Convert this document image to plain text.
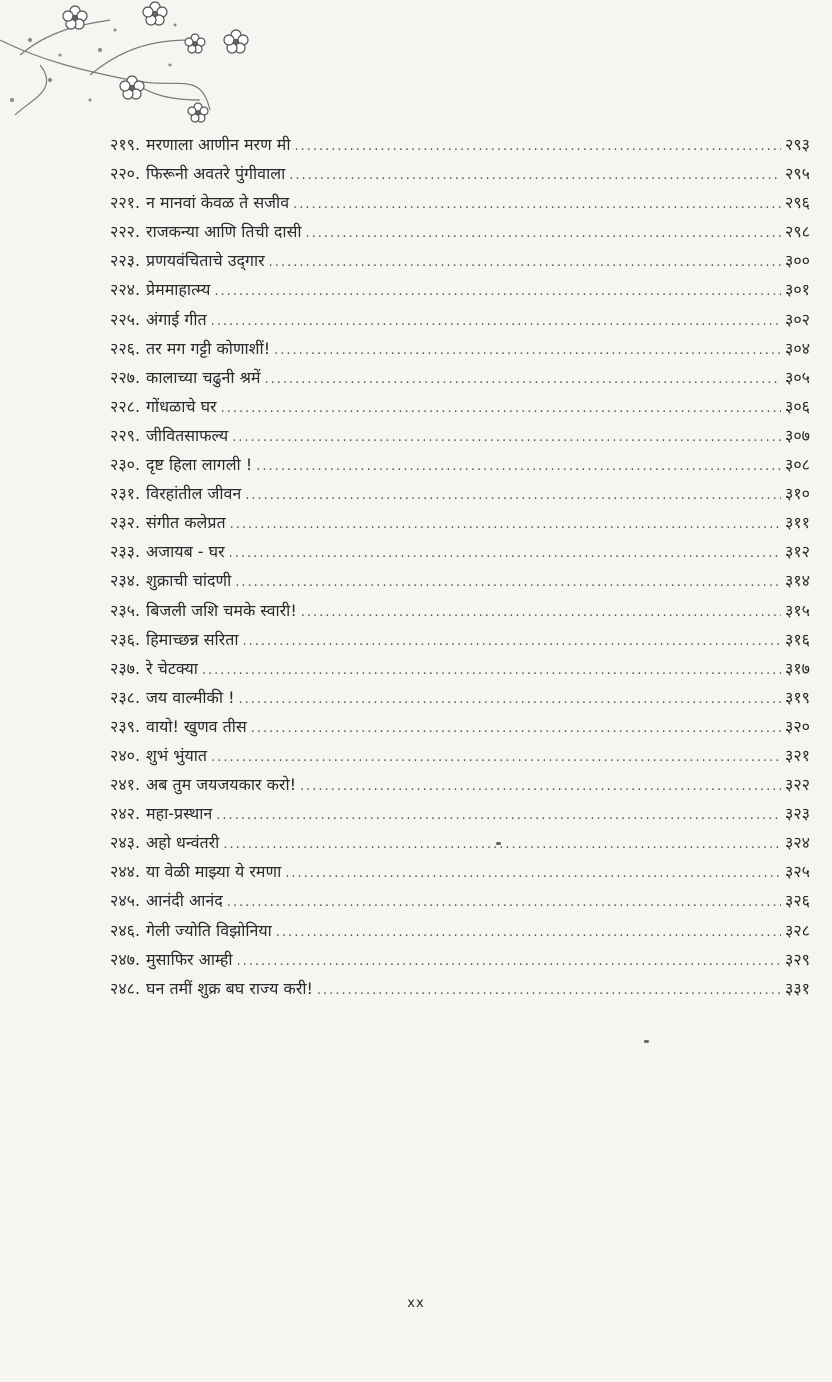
२१९. मरणाला आणीन मरण मी .....	२९३
२२०. फिरूनी अवतरे पुंगीवाला .....	२९५
२२१. न मानवां केवळ ते सजीव .....	२९६
२२२. राजकन्या आणि तिची दासी .....	२९८
२२३. प्रणयवंचिताचे उद्‌गार .....	३००
२२४. प्रेममाहात्म्य .....	३०१
२२५. अंगाई गीत .....	३०२
२२६. तर मग गट्टी कोणाशीं! .....	३०४
२२७. कालाच्या चढुनी श्रमें .....	३०५
२२८. गोंधळाचे घर .....	३०६
२२९. जीवितसाफल्य .....	३०७
२३०. दृष्ट हिला लागली ! .....	३०८
२३१. विरहांतील जीवन .....	३१०
२३२. संगीत कलेप्रत .....	३११
२३३. अजायब - घर .....	३१२
२३४. शुक्राची चांदणी .....	३१४
२३५. बिजली जशि चमके स्वारी! .....	३१५
२३६. हिमाच्छन्न सरिता .....	३१६
२३७. रे चेटक्या .....	३१७
२३८. जय वाल्मीकी ! .....	३१९
२३९. वायो! खुणव तीस .....	३२०
२४०. शुभं भुंयात .....	३२१
२४१. अब तुम जयजयकार करो! .....	३२२
२४२. महा-प्रस्थान .....	३२३
२४३. अहो धन्वंतरी .....	३२४
२४४. या वेळी माझ्या ये रमणा .....	३२५
२४५. आनंदी आनंद .....	३२६
२४६. गेली ज्योति विझोनिया .....	३२८
२४७. मुसाफिर आम्ही .....	३२९
२४८. घन तमीं शुक्र बघ राज्य करी! .....	३३१
xx
